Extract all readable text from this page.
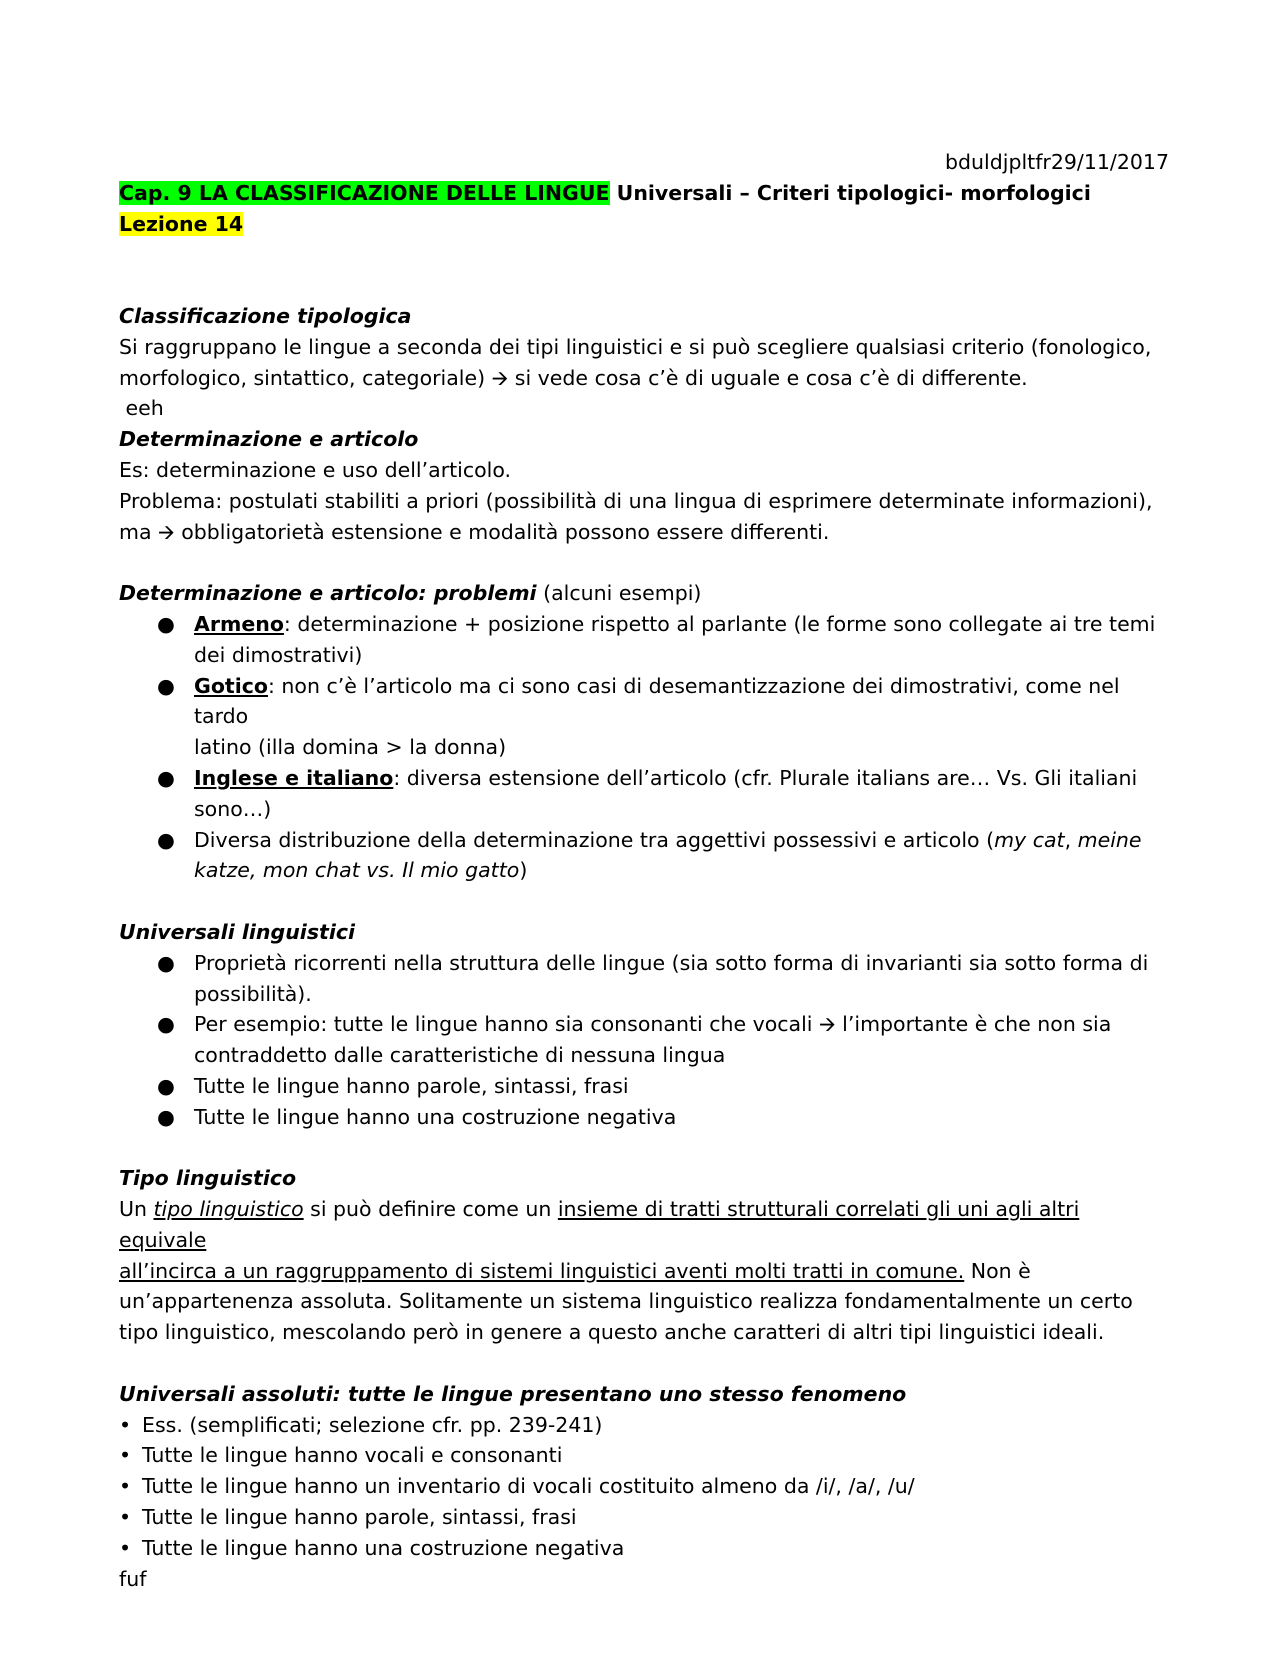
bduldjpltfr29/11/2017
Cap. 9 LA CLASSIFICAZIONE DELLE LINGUE Universali – Criteri tipologici- morfologici
Lezione 14
Classificazione tipologica
Si raggruppano le lingue a seconda dei tipi linguistici e si può scegliere qualsiasi criterio (fonologico,
morfologico, sintattico, categoriale) 🡪 si vede cosa c’è di uguale e cosa c’è di differente.
eeh
Determinazione e articolo
Es: determinazione e uso dell’articolo.
Problema: postulati stabiliti a priori (possibilità di una lingua di esprimere determinate informazioni),
ma 🡪 obbligatorietà estensione e modalità possono essere differenti.
Determinazione e articolo: problemi (alcuni esempi)
● Armeno: determinazione + posizione rispetto al parlante (le forme sono collegate ai tre temi
dei dimostrativi)
● Gotico: non c’è l’articolo ma ci sono casi di desemantizzazione dei dimostrativi, come nel tardo
latino (illa domina > la donna)
● Inglese e italiano: diversa estensione dell’articolo (cfr. Plurale italians are… Vs. Gli italiani
sono…)
● Diversa distribuzione della determinazione tra aggettivi possessivi e articolo (my cat, meine
katze, mon chat vs. Il mio gatto)
Universali linguistici
● Proprietà ricorrenti nella struttura delle lingue (sia sotto forma di invarianti sia sotto forma di
possibilità).
● Per esempio: tutte le lingue hanno sia consonanti che vocali 🡪 l’importante è che non sia
contraddetto dalle caratteristiche di nessuna lingua
● Tutte le lingue hanno parole, sintassi, frasi
● Tutte le lingue hanno una costruzione negativa
Tipo linguistico
Un tipo linguistico si può definire come un insieme di tratti strutturali correlati gli uni agli altri equivale
all’incirca a un raggruppamento di sistemi linguistici aventi molti tratti in comune. Non è
un’appartenenza assoluta. Solitamente un sistema linguistico realizza fondamentalmente un certo
tipo linguistico, mescolando però in genere a questo anche caratteri di altri tipi linguistici ideali.
Universali assoluti: tutte le lingue presentano uno stesso fenomeno
• Ess. (semplificati; selezione cfr. pp. 239-241)
• Tutte le lingue hanno vocali e consonanti
• Tutte le lingue hanno un inventario di vocali costituito almeno da /i/, /a/, /u/
• Tutte le lingue hanno parole, sintassi, frasi
• Tutte le lingue hanno una costruzione negativa
fuf
